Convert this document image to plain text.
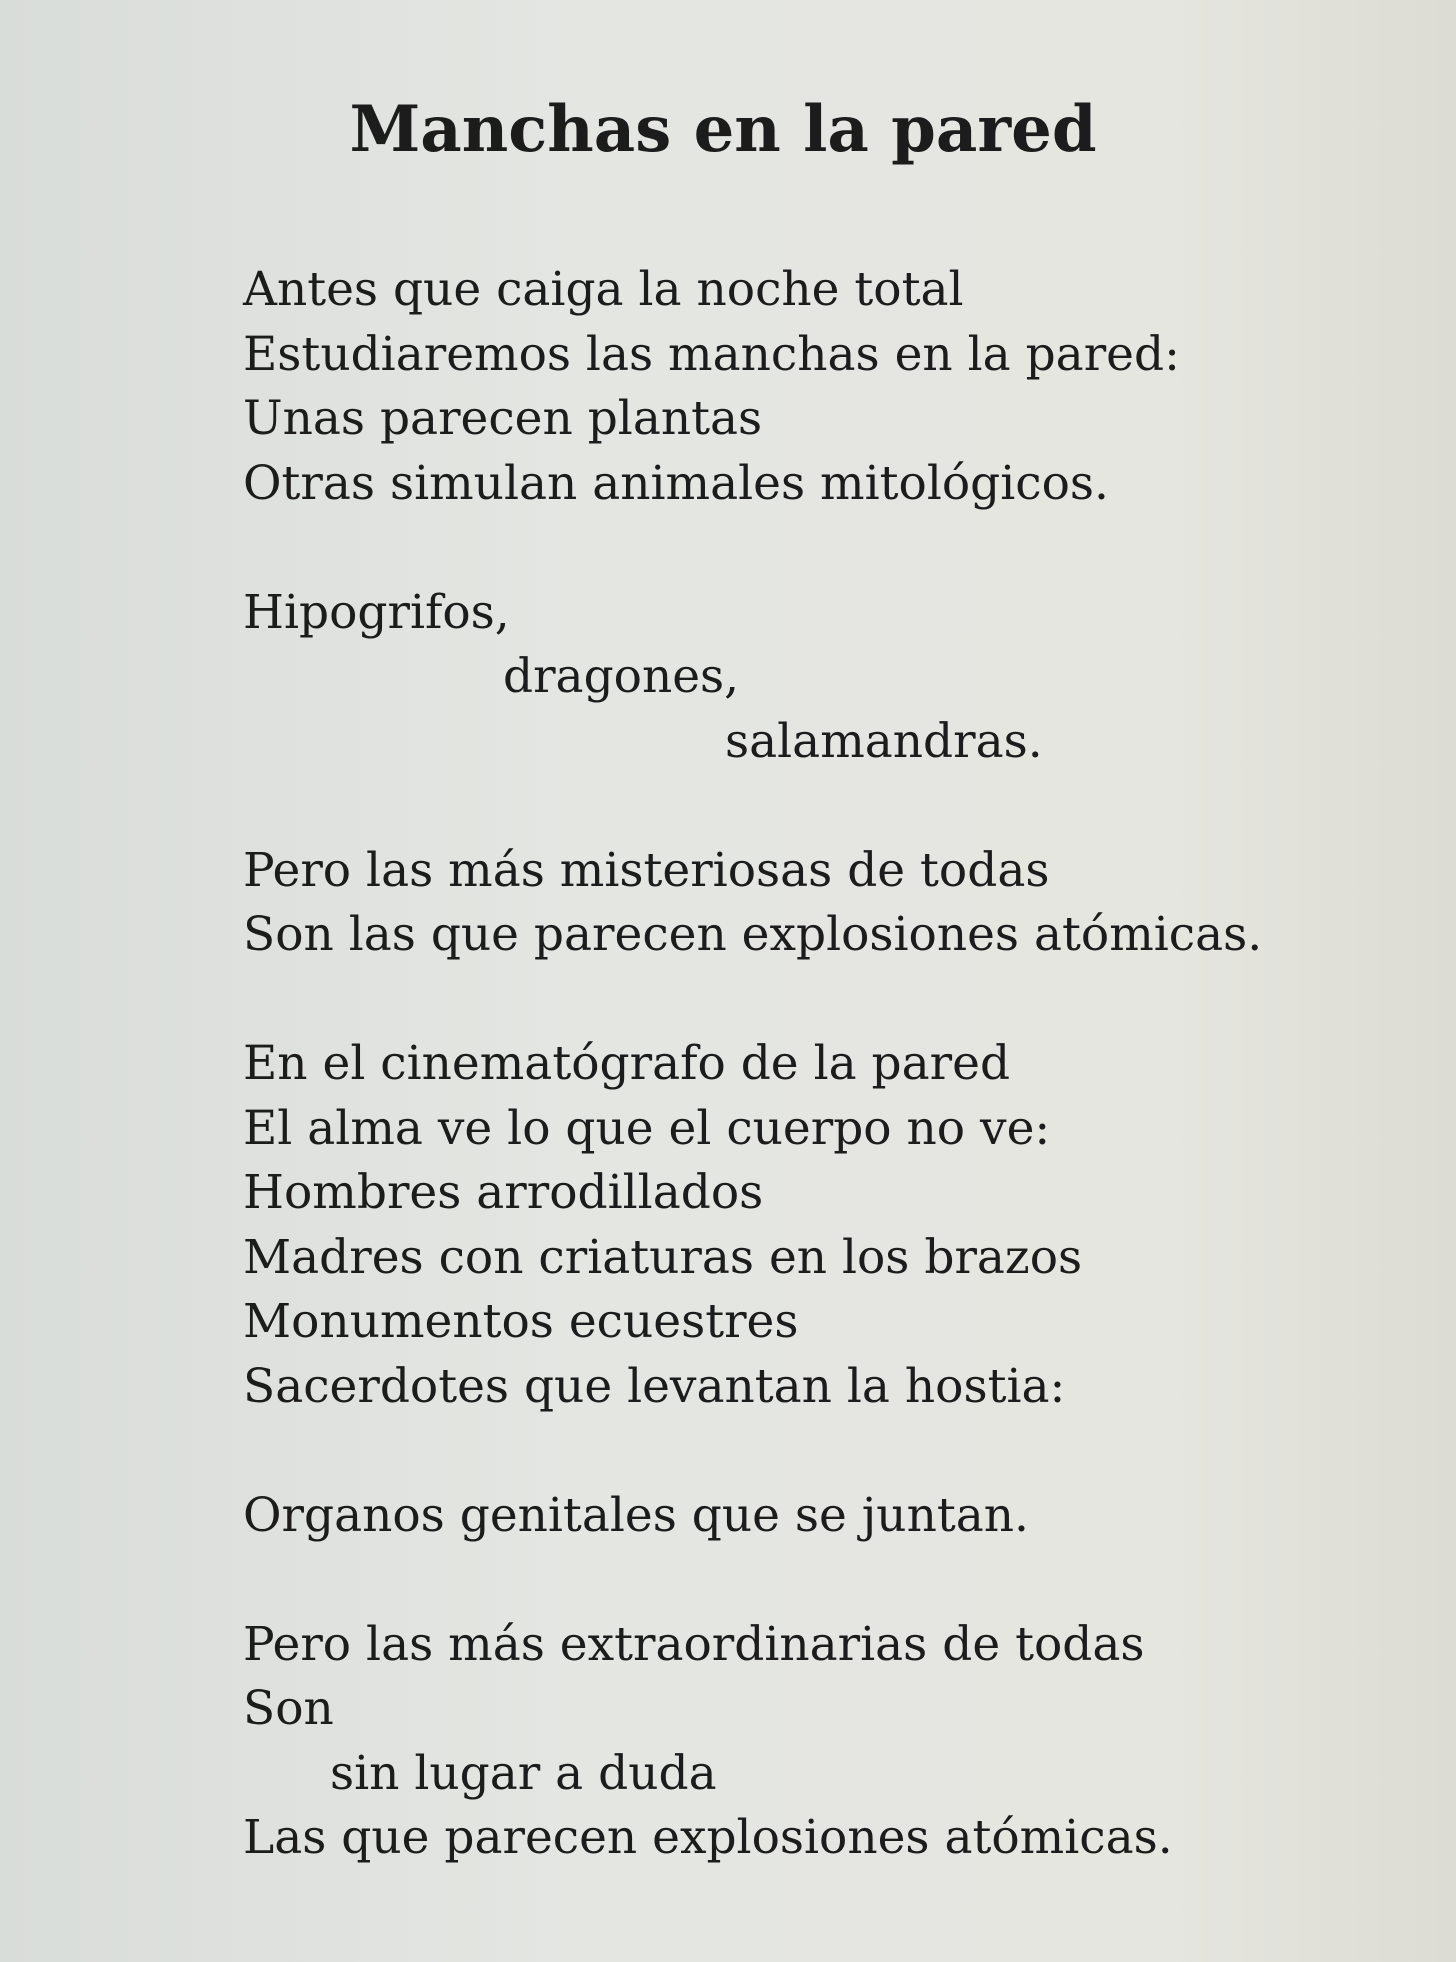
Manchas en la pared
Antes que caiga la noche total
Estudiaremos las manchas en la pared:
Unas parecen plantas
Otras simulan animales mitológicos.
Hipogrifos,
dragones,
salamandras.
Pero las más misteriosas de todas
Son las que parecen explosiones atómicas.
En el cinematógrafo de la pared
El alma ve lo que el cuerpo no ve:
Hombres arrodillados
Madres con criaturas en los brazos
Monumentos ecuestres
Sacerdotes que levantan la hostia:
Organos genitales que se juntan.
Pero las más extraordinarias de todas
Son
sin lugar a duda
Las que parecen explosiones atómicas.
